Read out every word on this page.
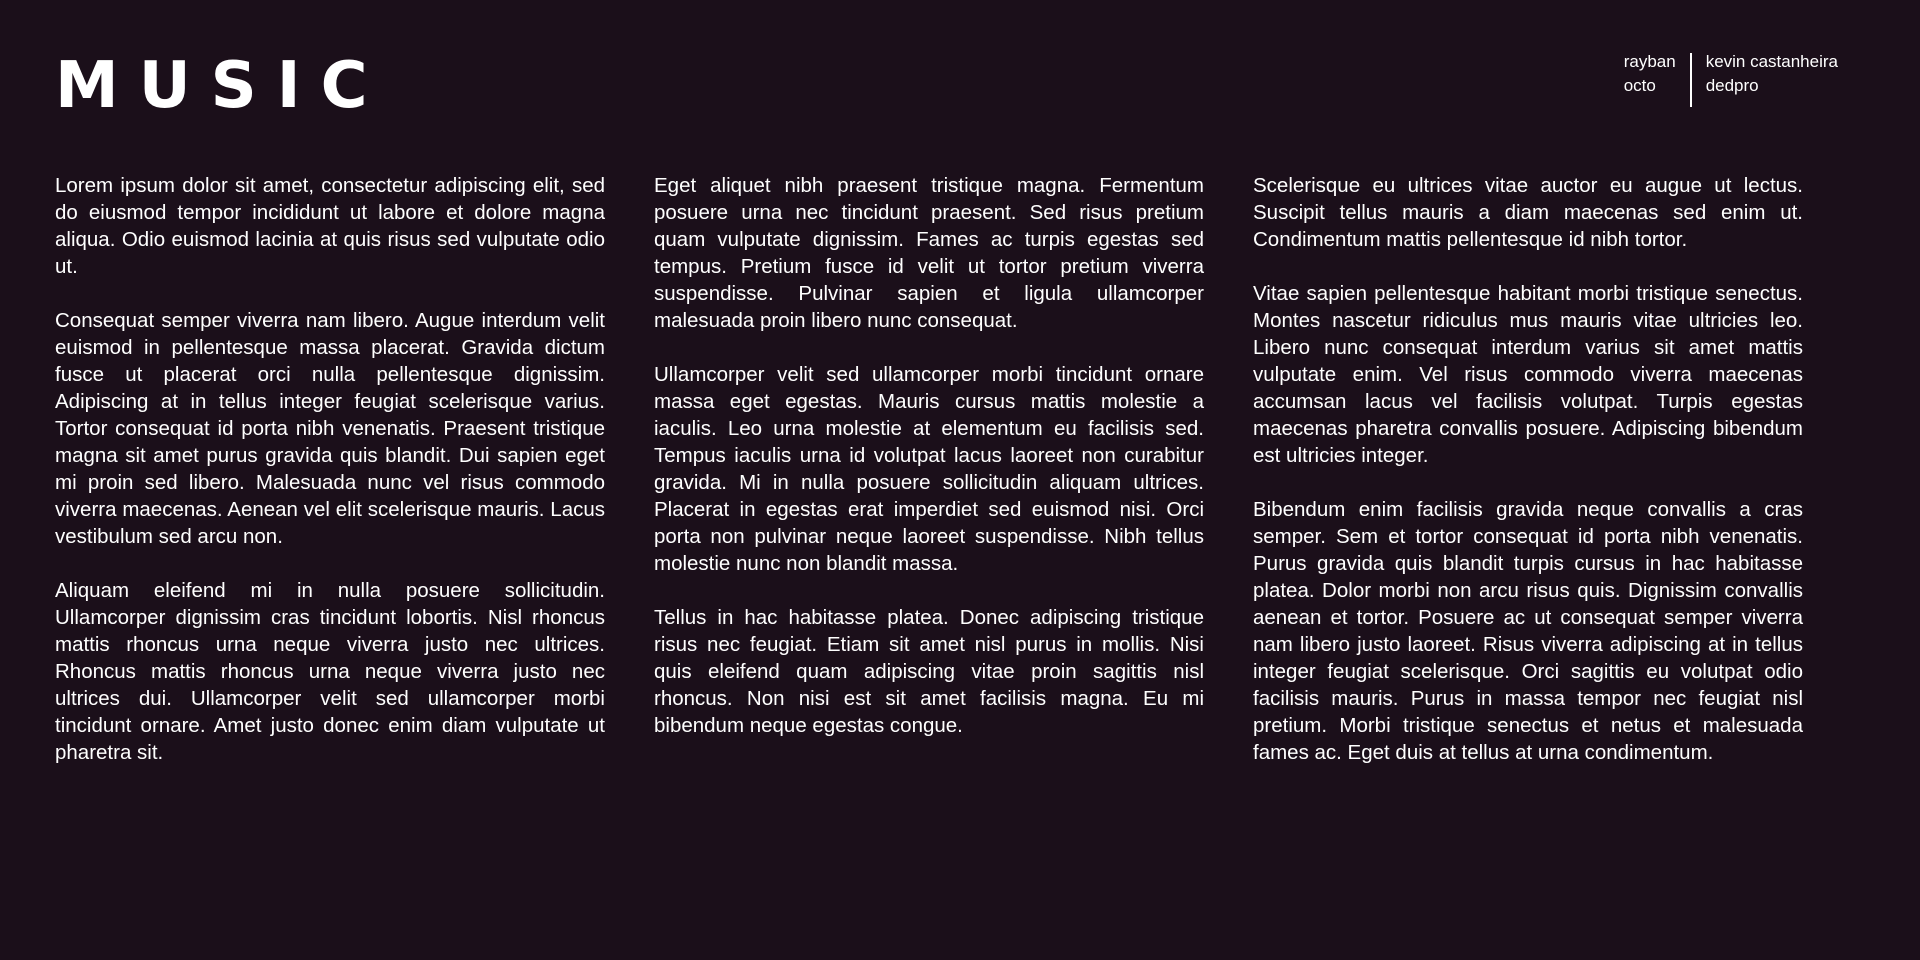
MUSIC	rayban
octo
kevin castanheira
dedpro

Lorem ipsum dolor sit amet, consectetur adipiscing elit, sed do eiusmod tempor incididunt ut labore et dolore magna aliqua. Odio euismod lacinia at quis risus sed vulputate odio ut.

Consequat semper viverra nam libero. Augue interdum velit euismod in pellentesque massa placerat. Gravida dictum fusce ut placerat orci nulla pellentesque dignissim. Adipiscing at in tellus integer feugiat scelerisque varius. Tortor consequat id porta nibh venenatis. Praesent tristique magna sit amet purus gravida quis blandit. Dui sapien eget mi proin sed libero. Malesuada nunc vel risus commodo viverra maecenas. Aenean vel elit scelerisque mauris. Lacus vestibulum sed arcu non.

Aliquam eleifend mi in nulla posuere sollicitudin. Ullamcorper dignissim cras tincidunt lobortis. Nisl rhoncus mattis rhoncus urna neque viverra justo nec ultrices. Rhoncus mattis rhoncus urna neque viverra justo nec ultrices dui. Ullamcorper velit sed ullamcorper morbi tincidunt ornare. Amet justo donec enim diam vulputate ut pharetra sit.

Eget aliquet nibh praesent tristique magna. Fermentum posuere urna nec tincidunt praesent. Sed risus pretium quam vulputate dignissim. Fames ac turpis egestas sed tempus. Pretium fusce id velit ut tortor pretium viverra suspendisse. Pulvinar sapien et ligula ullamcorper malesuada proin libero nunc consequat.

Ullamcorper velit sed ullamcorper morbi tincidunt ornare massa eget egestas. Mauris cursus mattis molestie a iaculis. Leo urna molestie at elementum eu facilisis sed. Tempus iaculis urna id volutpat lacus laoreet non curabitur gravida. Mi in nulla posuere sollicitudin aliquam ultrices. Placerat in egestas erat imperdiet sed euismod nisi. Orci porta non pulvinar neque laoreet suspendisse. Nibh tellus molestie nunc non blandit massa.

Tellus in hac habitasse platea. Donec adipiscing tristique risus nec feugiat. Etiam sit amet nisl purus in mollis. Nisi quis eleifend quam adipiscing vitae proin sagittis nisl rhoncus. Non nisi est sit amet facilisis magna. Eu mi bibendum neque egestas congue.

Scelerisque eu ultrices vitae auctor eu augue ut lectus. Suscipit tellus mauris a diam maecenas sed enim ut. Condimentum mattis pellentesque id nibh tortor.

Vitae sapien pellentesque habitant morbi tristique senectus. Montes nascetur ridiculus mus mauris vitae ultricies leo. Libero nunc consequat interdum varius sit amet mattis vulputate enim. Vel risus commodo viverra maecenas accumsan lacus vel facilisis volutpat. Turpis egestas maecenas pharetra convallis posuere. Adipiscing bibendum est ultricies integer.

Bibendum enim facilisis gravida neque convallis a cras semper. Sem et tortor consequat id porta nibh venenatis. Purus gravida quis blandit turpis cursus in hac habitasse platea. Dolor morbi non arcu risus quis. Dignissim convallis aenean et tortor. Posuere ac ut consequat semper viverra nam libero justo laoreet. Risus viverra adipiscing at in tellus integer feugiat scelerisque. Orci sagittis eu volutpat odio facilisis mauris. Purus in massa tempor nec feugiat nisl pretium. Morbi tristique senectus et netus et malesuada fames ac. Eget duis at tellus at urna condimentum.
